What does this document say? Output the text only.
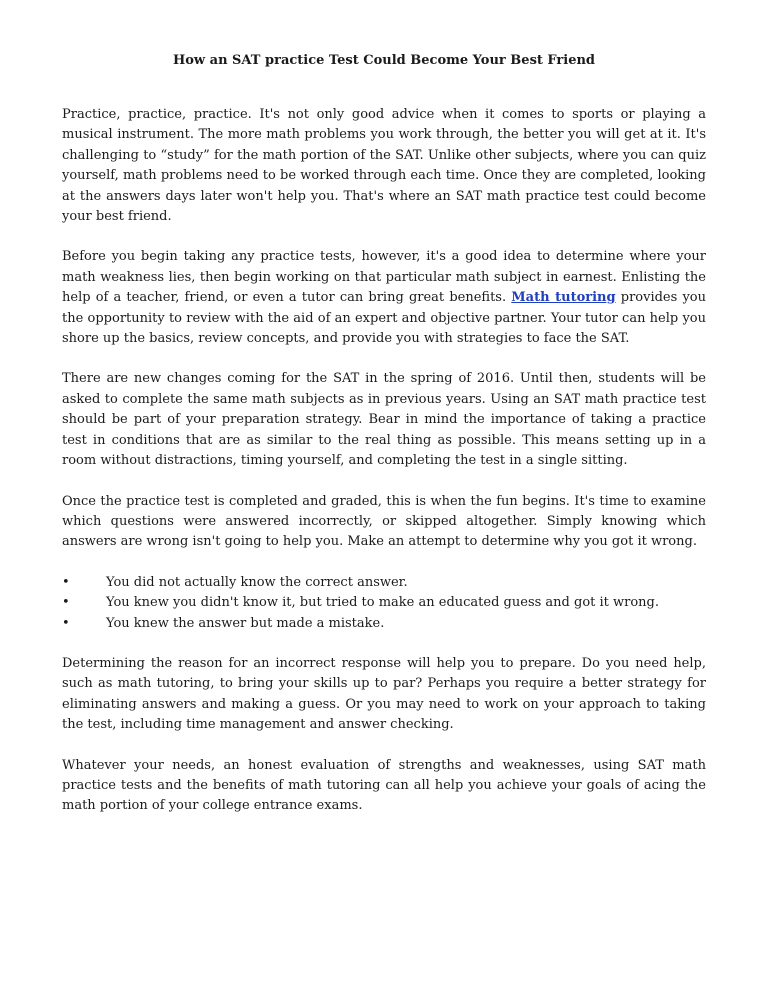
How an SAT practice Test Could Become Your Best Friend

Practice, practice, practice. It's not only good advice when it comes to sports or playing a musical instrument. The more math problems you work through, the better you will get at it. It's challenging to “study” for the math portion of the SAT. Unlike other subjects, where you can quiz yourself, math problems need to be worked through each time. Once they are completed, looking at the answers days later won't help you. That's where an SAT math practice test could become your best friend.

Before you begin taking any practice tests, however, it's a good idea to determine where your math weakness lies, then begin working on that particular math subject in earnest. Enlisting the help of a teacher, friend, or even a tutor can bring great benefits. Math tutoring provides you the opportunity to review with the aid of an expert and objective partner. Your tutor can help you shore up the basics, review concepts, and provide you with strategies to face the SAT.

There are new changes coming for the SAT in the spring of 2016. Until then, students will be asked to complete the same math subjects as in previous years. Using an SAT math practice test should be part of your preparation strategy. Bear in mind the importance of taking a practice test in conditions that are as similar to the real thing as possible. This means setting up in a room without distractions, timing yourself, and completing the test in a single sitting.

Once the practice test is completed and graded, this is when the fun begins. It's time to examine which questions were answered incorrectly, or skipped altogether. Simply knowing which answers are wrong isn't going to help you. Make an attempt to determine why you got it wrong.

•	You did not actually know the correct answer.
•	You knew you didn't know it, but tried to make an educated guess and got it wrong.
•	You knew the answer but made a mistake.

Determining the reason for an incorrect response will help you to prepare. Do you need help, such as math tutoring, to bring your skills up to par? Perhaps you require a better strategy for eliminating answers and making a guess. Or you may need to work on your approach to taking the test, including time management and answer checking.

Whatever your needs, an honest evaluation of strengths and weaknesses, using SAT math practice tests and the benefits of math tutoring can all help you achieve your goals of acing the math portion of your college entrance exams.
